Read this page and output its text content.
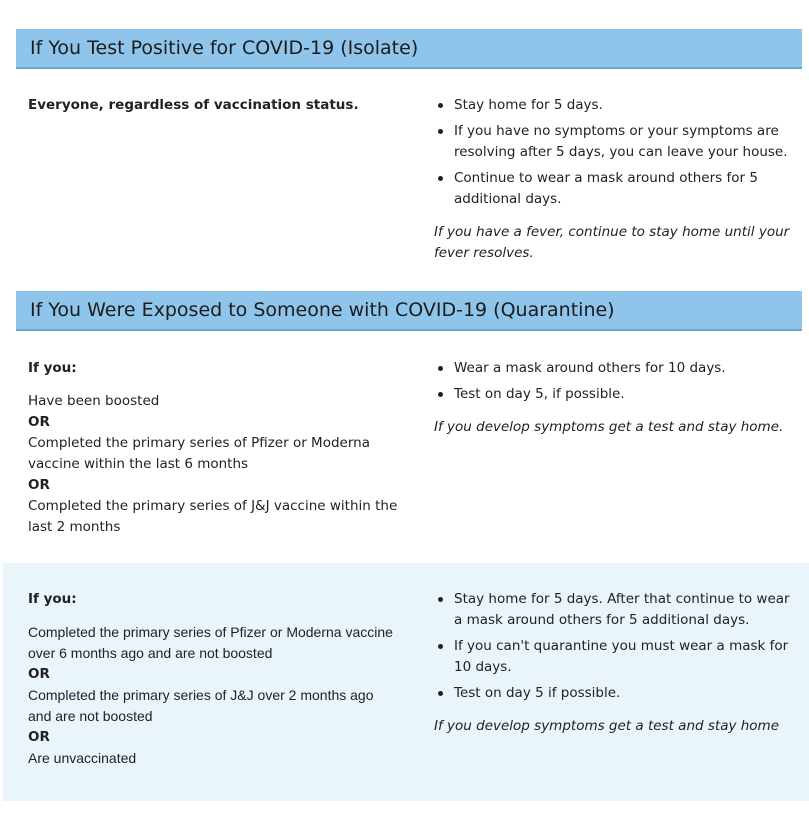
If You Test Positive for COVID-19 (Isolate)
Everyone, regardless of vaccination status.	Stay home for 5 days.
If you have no symptoms or your symptoms are resolving after 5 days, you can leave your house.
Continue to wear a mask around others for 5 additional days.
If you have a fever, continue to stay home until your fever resolves.
If You Were Exposed to Someone with COVID-19 (Quarantine)
If you:
Have been boosted
OR
Completed the primary series of Pfizer or Moderna vaccine within the last 6 months
OR
Completed the primary series of J&J vaccine within the last 2 months
Wear a mask around others for 10 days.
Test on day 5, if possible.
If you develop symptoms get a test and stay home.
If you:
Completed the primary series of Pfizer or Moderna vaccine over 6 months ago and are not boosted
OR
Completed the primary series of J&J over 2 months ago and are not boosted
OR
Are unvaccinated
Stay home for 5 days. After that continue to wear a mask around others for 5 additional days.
If you can't quarantine you must wear a mask for 10 days.
Test on day 5 if possible.
If you develop symptoms get a test and stay home
